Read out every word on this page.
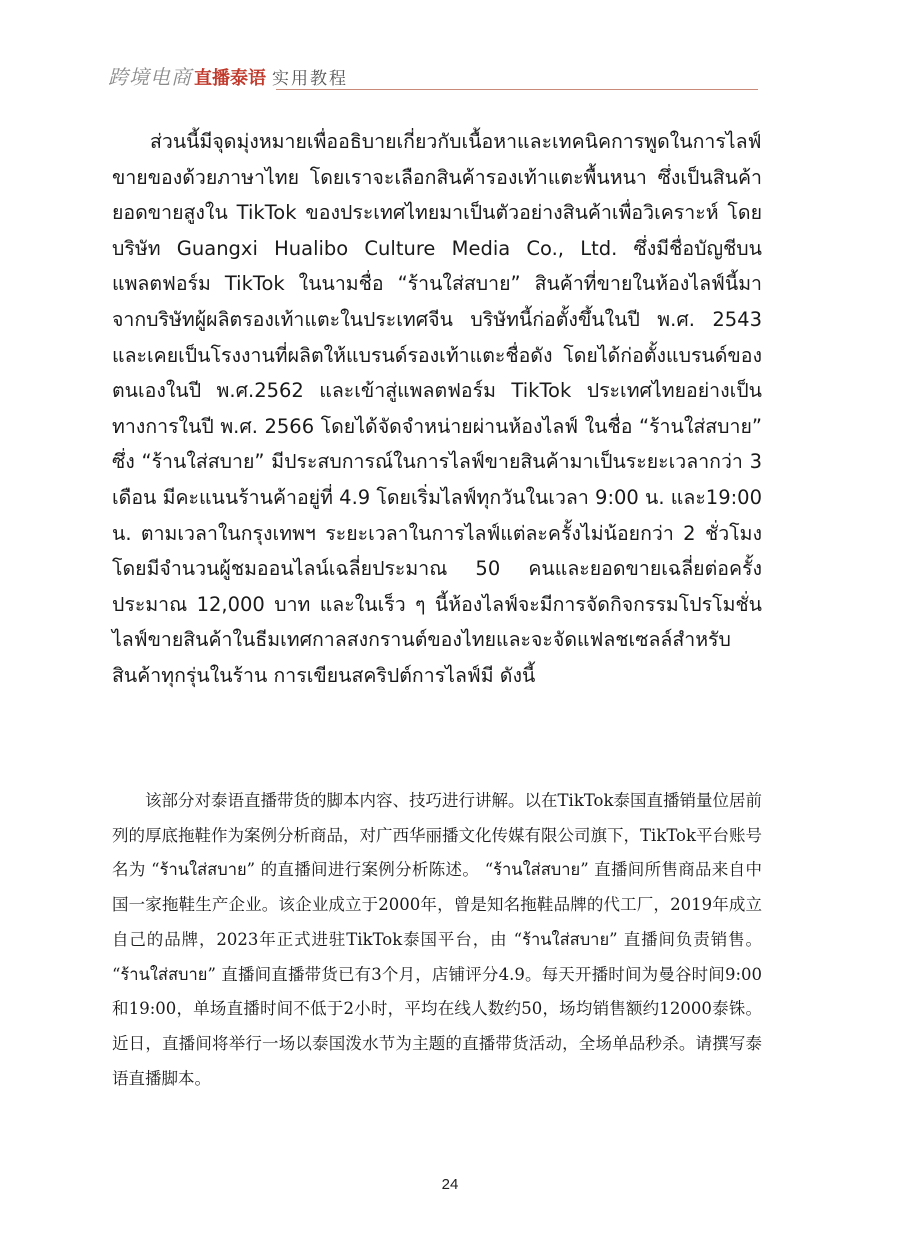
跨境电商 直播泰语 实用教程

ส่วนนี้มีจุดมุ่งหมายเพื่ออธิบายเกี่ยวกับเนื้อหาและเทคนิคการพูดในการไลฟ์ขายของด้วยภาษาไทย โดยเราจะเลือกสินค้ารองเท้าแตะพื้นหนา ซึ่งเป็นสินค้ายอดขายสูงใน TikTok ของประเทศไทยมาเป็นตัวอย่างสินค้าเพื่อวิเคราะห์ โดยบริษัท Guangxi Hualibo Culture Media Co., Ltd. ซึ่งมีชื่อบัญชีบนแพลตฟอร์ม TikTok ในนามชื่อ “ร้านใส่สบาย” สินค้าที่ขายในห้องไลฟ์นี้มาจากบริษัทผู้ผลิตรองเท้าแตะในประเทศจีน บริษัทนี้ก่อตั้งขึ้นในปี พ.ศ. 2543 และเคยเป็นโรงงานที่ผลิตให้แบรนด์รองเท้าแตะชื่อดัง โดยได้ก่อตั้งแบรนด์ของตนเองในปี พ.ศ.2562 และเข้าสู่แพลตฟอร์ม TikTok ประเทศไทยอย่างเป็นทางการในปี พ.ศ. 2566 โดยได้จัดจำหน่ายผ่านห้องไลฟ์ ในชื่อ “ร้านใส่สบาย” ซึ่ง “ร้านใส่สบาย” มีประสบการณ์ในการไลฟ์ขายสินค้ามาเป็นระยะเวลากว่า 3 เดือน มีคะแนนร้านค้าอยู่ที่ 4.9 โดยเริ่มไลฟ์ทุกวันในเวลา 9:00 น. และ19:00 น. ตามเวลาในกรุงเทพฯ ระยะเวลาในการไลฟ์แต่ละครั้งไม่น้อยกว่า 2 ชั่วโมง โดยมีจำนวนผู้ชมออนไลน์เฉลี่ยประมาณ 50 คนและยอดขายเฉลี่ยต่อครั้งประมาณ 12,000 บาท และในเร็ว ๆ นี้ห้องไลฟ์จะมีการจัดกิจกรรมโปรโมชั่นไลฟ์ขายสินค้าในธีมเทศกาลสงกรานต์ของไทยและจะจัดแฟลชเซลล์สำหรับสินค้าทุกรุ่นในร้าน การเขียนสคริปต์การไลฟ์มี ดังนี้

该部分对泰语直播带货的脚本内容、技巧进行讲解。以在TikTok泰国直播销量位居前列的厚底拖鞋作为案例分析商品，对广西华丽播文化传媒有限公司旗下，TikTok平台账号名为 “ร้านใส่สบาย” 的直播间进行案例分析陈述。 “ร้านใส่สบาย” 直播间所售商品来自中国一家拖鞋生产企业。该企业成立于2000年，曾是知名拖鞋品牌的代工厂，2019年成立自己的品牌，2023年正式进驻TikTok泰国平台，由 “ร้านใส่สบาย” 直播间负责销售。 “ร้านใส่สบาย” 直播间直播带货已有3个月，店铺评分4.9。每天开播时间为曼谷时间9:00和19:00，单场直播时间不低于2小时，平均在线人数约50，场均销售额约12000泰铢。近日，直播间将举行一场以泰国泼水节为主题的直播带货活动，全场单品秒杀。请撰写泰语直播脚本。

24
